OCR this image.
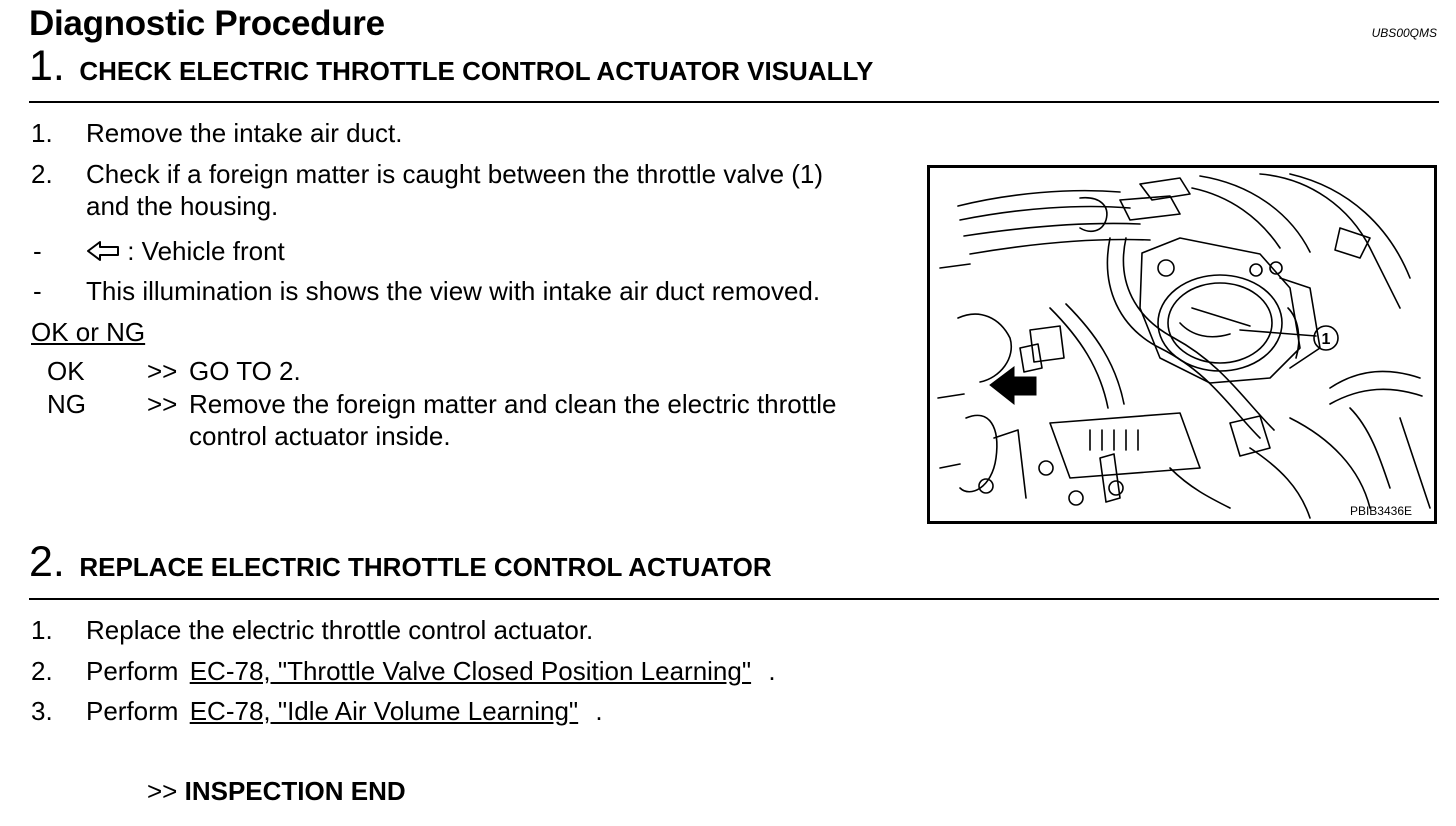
Diagnostic Procedure	UBS00QMS
1. CHECK ELECTRIC THROTTLE CONTROL ACTUATOR VISUALLY
1. Remove the intake air duct.
2. Check if a foreign matter is caught between the throttle valve (1)
and the housing.
-	: Vehicle front
- This illumination is shows the view with intake air duct removed.
OK or NG
OK >> GO TO 2.
NG >> Remove the foreign matter and clean the electric throttle
control actuator inside.
1
PBIB3436E
2. REPLACE ELECTRIC THROTTLE CONTROL ACTUATOR
1. Replace the electric throttle control actuator.
2. Perform EC-78, "Throttle Valve Closed Position Learning" .
3. Perform EC-78, "Idle Air Volume Learning" .
>> INSPECTION END
